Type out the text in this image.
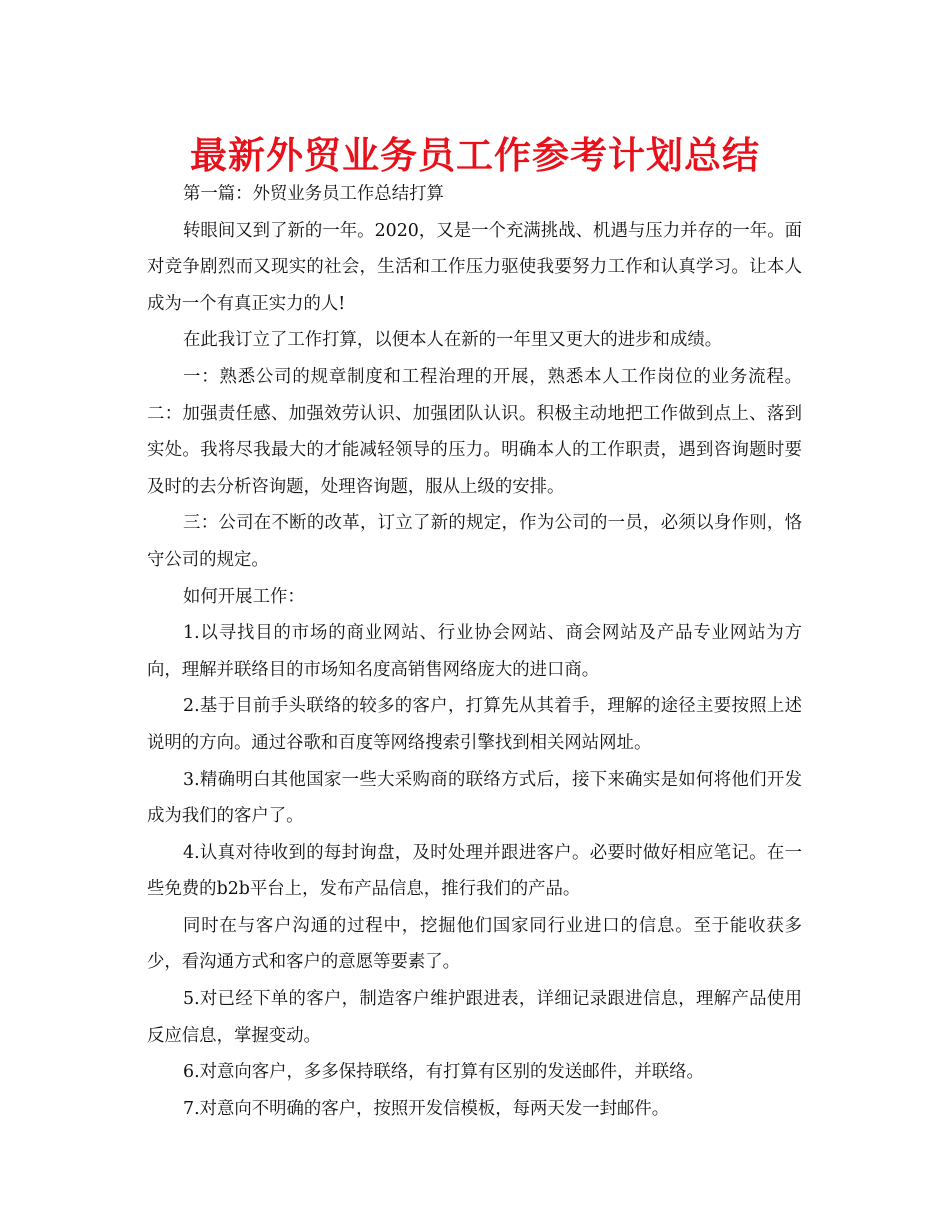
最新外贸业务员工作参考计划总结

第一篇：外贸业务员工作总结打算

转眼间又到了新的一年。2020，又是一个充满挑战、机遇与压力并存的一年。面对竞争剧烈而又现实的社会，生活和工作压力驱使我要努力工作和认真学习。让本人成为一个有真正实力的人!

在此我订立了工作打算，以便本人在新的一年里又更大的进步和成绩。

一：熟悉公司的规章制度和工程治理的开展，熟悉本人工作岗位的业务流程。二：加强责任感、加强效劳认识、加强团队认识。积极主动地把工作做到点上、落到实处。我将尽我最大的才能减轻领导的压力。明确本人的工作职责，遇到咨询题时要及时的去分析咨询题，处理咨询题，服从上级的安排。

三：公司在不断的改革，订立了新的规定，作为公司的一员，必须以身作则，恪守公司的规定。

如何开展工作：

1.以寻找目的市场的商业网站、行业协会网站、商会网站及产品专业网站为方向，理解并联络目的市场知名度高销售网络庞大的进口商。

2.基于目前手头联络的较多的客户，打算先从其着手，理解的途径主要按照上述说明的方向。通过谷歌和百度等网络搜索引擎找到相关网站网址。

3.精确明白其他国家一些大采购商的联络方式后，接下来确实是如何将他们开发成为我们的客户了。

4.认真对待收到的每封询盘，及时处理并跟进客户。必要时做好相应笔记。在一些免费的b2b平台上，发布产品信息，推行我们的产品。

同时在与客户沟通的过程中，挖掘他们国家同行业进口的信息。至于能收获多少，看沟通方式和客户的意愿等要素了。

5.对已经下单的客户，制造客户维护跟进表，详细记录跟进信息，理解产品使用反应信息，掌握变动。

6.对意向客户，多多保持联络，有打算有区别的发送邮件，并联络。

7.对意向不明确的客户，按照开发信模板，每两天发一封邮件。
